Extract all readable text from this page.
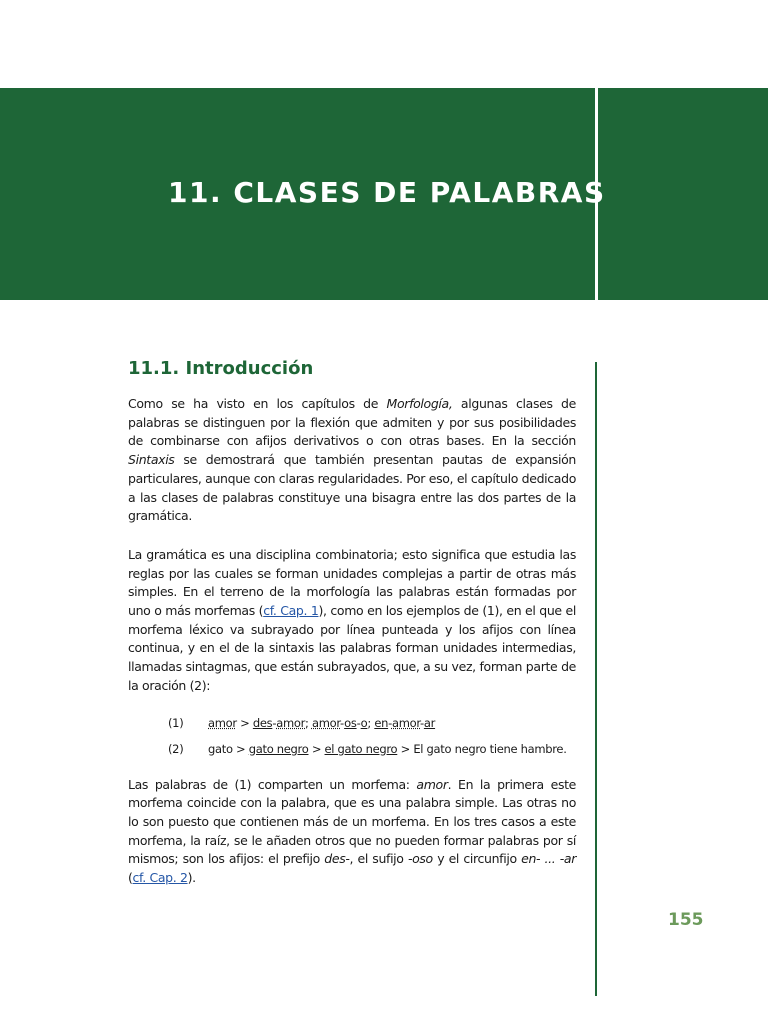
11. CLASES DE PALABRAS
11.1. Introducción

Como se ha visto en los capítulos de Morfología, algunas clases de palabras se distinguen por la flexión que admiten y por sus posibilidades de combinarse con afijos derivativos o con otras bases. En la sección Sintaxis se demostrará que también presentan pautas de expansión particulares, aunque con claras regularidades. Por eso, el capítulo dedicado a las clases de palabras constituye una bisagra entre las dos partes de la gramática.

La gramática es una disciplina combinatoria; esto significa que estudia las reglas por las cuales se forman unidades complejas a partir de otras más simples. En el terreno de la morfología las palabras están formadas por uno o más morfemas (cf. Cap. 1), como en los ejemplos de (1), en el que el morfema léxico va subrayado por línea punteada y los afijos con línea continua, y en el de la sintaxis las palabras forman unidades intermedias, llamadas sintagmas, que están subrayados, que, a su vez, forman parte de la oración (2):

(1)	amor > des-amor; amor-os-o; en-amor-ar
(2)	gato > gato negro > el gato negro > El gato negro tiene hambre.

Las palabras de (1) comparten un morfema: amor. En la primera este morfema coincide con la palabra, que es una palabra simple. Las otras no lo son puesto que contienen más de un morfema. En los tres casos a este morfema, la raíz, se le añaden otros que no pueden formar palabras por sí mismos; son los afijos: el prefijo des-, el sufijo -oso y el circunfijo en- ... -ar (cf. Cap. 2).

155
